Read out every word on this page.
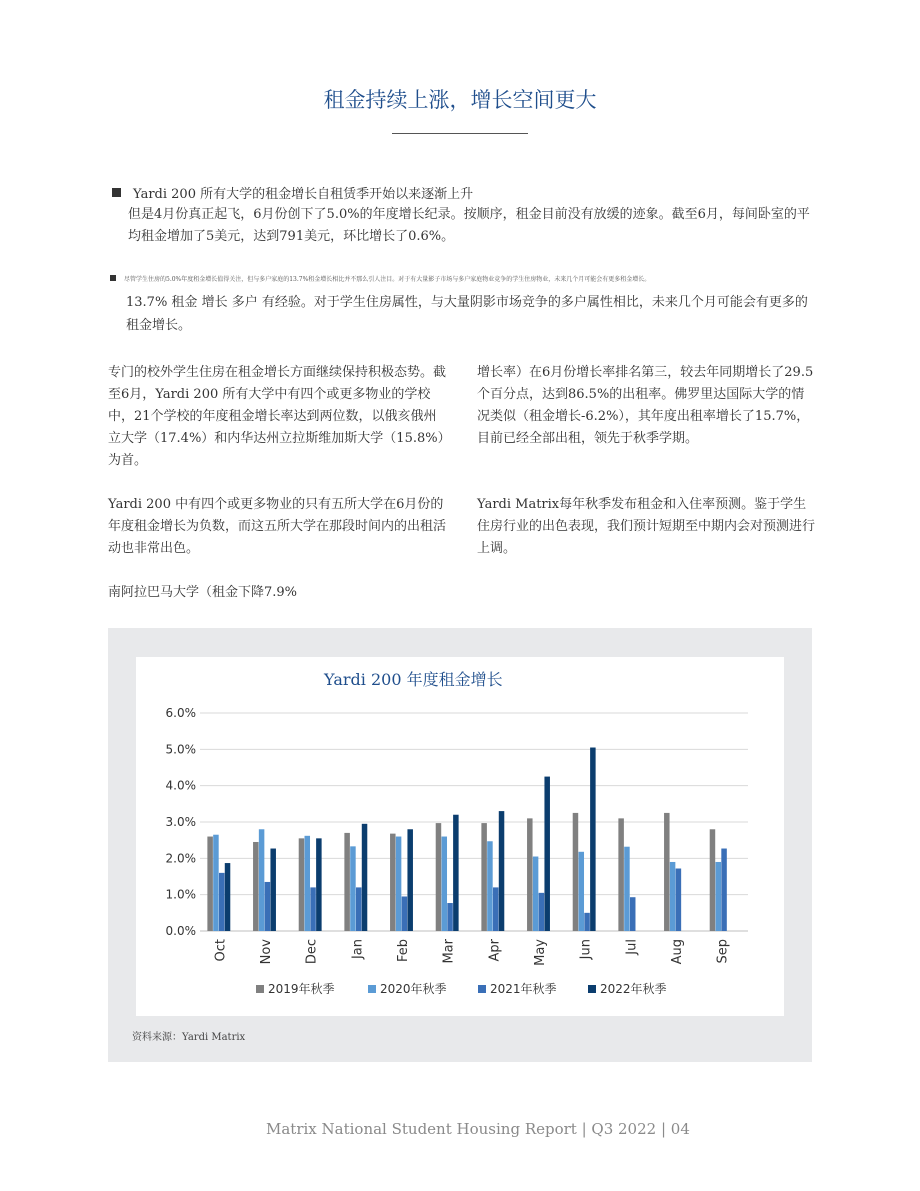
租金持续上涨，增长空间更大
Yardi 200 所有大学的租金增长自租赁季开始以来逐渐上升
但是4月份真正起飞，6月份创下了5.0%的年度增长纪录。按顺序，租金目前没有放缓的迹象。截至6月，每间卧室的平均租金增加了5美元，达到791美元，环比增长了0.6%。
尽管学生住房的5.0%年度租金增长值得关注，但与多户家庭的13.7%租金增长相比并不那么引人注目。对于有大量影子市场与多户家庭物业竞争的学生住房物业，未来几个月可能会有更多租金增长。
13.7% 租金 增长 多户 有经验。对于学生住房属性，与大量阴影市场竞争的多户属性相比，未来几个月可能会有更多的租金增长。

专门的校外学生住房在租金增长方面继续保持积极态势。截至6月，Yardi 200 所有大学中有四个或更多物业的学校中，21个学校的年度租金增长率达到两位数，以俄亥俄州立大学（17.4%）和内华达州立拉斯维加斯大学（15.8%）为首。

Yardi 200 中有四个或更多物业的只有五所大学在6月份的年度租金增长为负数，而这五所大学在那段时间内的出租活动也非常出色。

南阿拉巴马大学（租金下降7.9%

增长率）在6月份增长率排名第三，较去年同期增长了29.5个百分点，达到86.5%的出租率。佛罗里达国际大学的情况类似（租金增长-6.2%），其年度出租率增长了15.7%，目前已经全部出租，领先于秋季学期。

Yardi Matrix每年秋季发布租金和入住率预测。鉴于学生住房行业的出色表现，我们预计短期至中期内会对预测进行上调。

Yardi 200 年度租金增长
0.0%
1.0%
2.0%
3.0%
4.0%
5.0%
6.0%
Oct Nov Dec Jan Feb Mar Apr May Jun Jul Aug Sep
2019年秋季	2020年秋季	2021年秋季	2022年秋季
资料来源：Yardi Matrix
Matrix National Student Housing Report | Q3 2022 | 04
